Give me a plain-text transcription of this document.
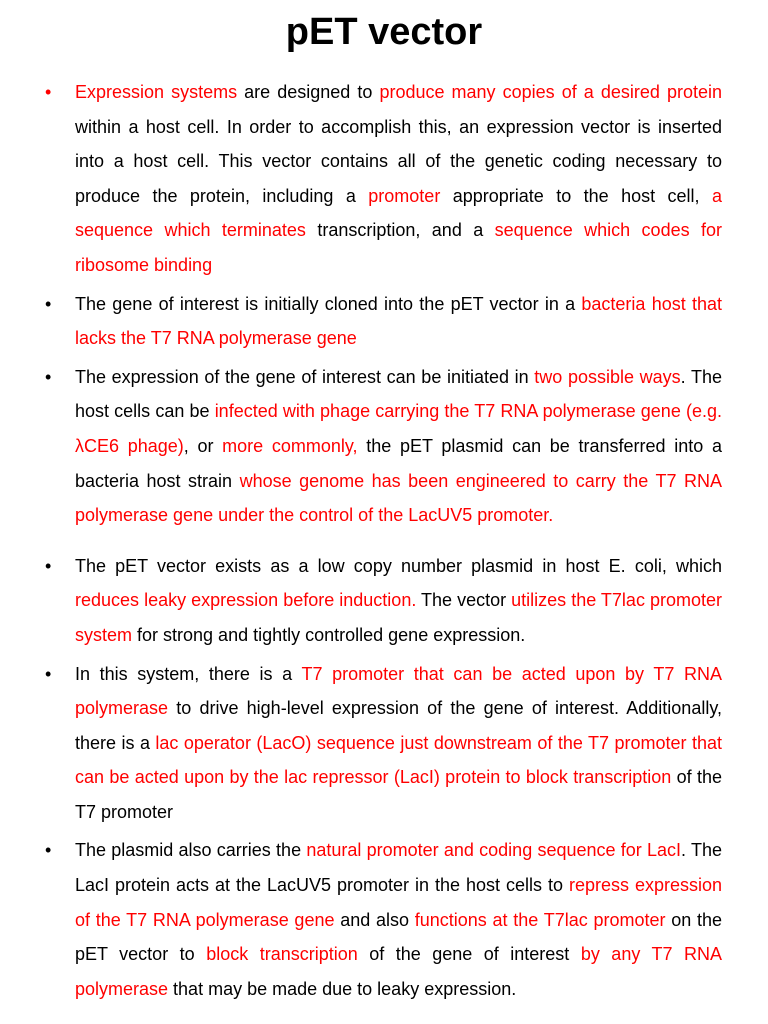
pET vector
• Expression systems are designed to produce many copies of a desired protein within a host cell. In order to accomplish this, an expression vector is inserted into a host cell. This vector contains all of the genetic coding necessary to produce the protein, including a promoter appropriate to the host cell, a sequence which terminates transcription, and a sequence which codes for ribosome binding
• The gene of interest is initially cloned into the pET vector in a bacteria host that lacks the T7 RNA polymerase gene
• The expression of the gene of interest can be initiated in two possible ways. The host cells can be infected with phage carrying the T7 RNA polymerase gene (e.g. λCE6 phage), or more commonly, the pET plasmid can be transferred into a bacteria host strain whose genome has been engineered to carry the T7 RNA polymerase gene under the control of the LacUV5 promoter.
• The pET vector exists as a low copy number plasmid in host E. coli, which reduces leaky expression before induction. The vector utilizes the T7lac promoter system for strong and tightly controlled gene expression.
• In this system, there is a T7 promoter that can be acted upon by T7 RNA polymerase to drive high-level expression of the gene of interest. Additionally, there is a lac operator (LacO) sequence just downstream of the T7 promoter that can be acted upon by the lac repressor (LacI) protein to block transcription of the T7 promoter
• The plasmid also carries the natural promoter and coding sequence for LacI. The LacI protein acts at the LacUV5 promoter in the host cells to repress expression of the T7 RNA polymerase gene and also functions at the T7lac promoter on the pET vector to block transcription of the gene of interest by any T7 RNA polymerase that may be made due to leaky expression.
